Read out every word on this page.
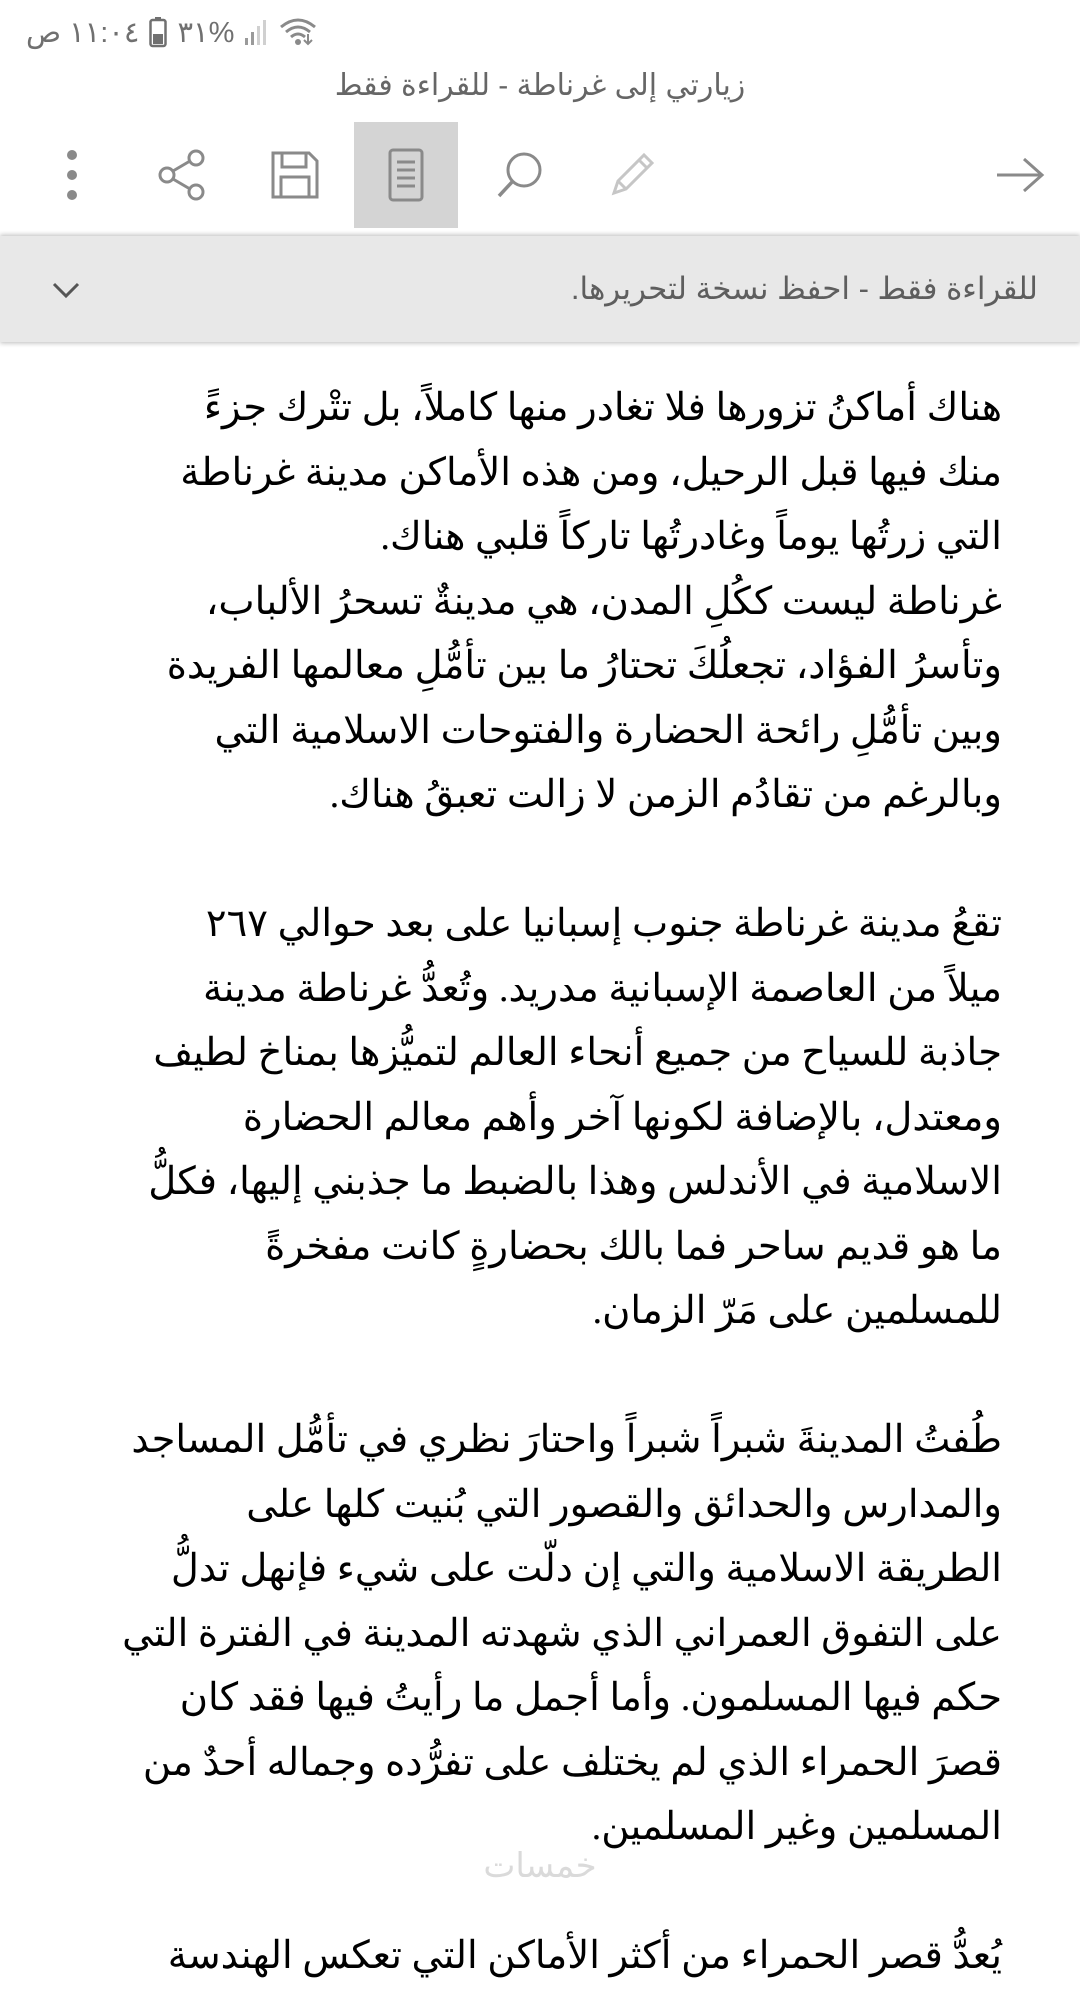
١١:٠٤
ص	٣١%
زيارتي إلى غرناطة - للقراءة فقط
للقراءة فقط - احفظ نسخة لتحريرها.
هناك أماكنُ تزورها فلا تغادر منها كاملاً، بل تتْرك جزءً
منك فيها قبل الرحيل، ومن هذه الأماكن مدينة غرناطة
التي زرتُها يوماً وغادرتُها تاركاً قلبي هناك.
غرناطة ليست ككُلِ المدن، هي مدينةٌ تسحرُ الألباب،
وتأسرُ الفؤاد، تجعلُكَ تحتارُ ما بين تأمُّلِ معالمها الفريدة
وبين تأمُّلِ رائحة الحضارة والفتوحات الاسلامية التي
وبالرغم من تقادُم الزمن لا زالت تعبقُ هناك.
تقعُ مدينة غرناطة جنوب إسبانيا على بعد حوالي ٢٦٧
ميلاً من العاصمة الإسبانية مدريد. وتُعدُّ غرناطة مدينة
جاذبة للسياح من جميع أنحاء العالم لتميُّزها بمناخ لطيف
ومعتدل، بالإضافة لكونها آخر وأهم معالم الحضارة
الاسلامية في الأندلس وهذا بالضبط ما جذبني إليها، فكلُّ
ما هو قديم ساحر فما بالك بحضارةٍ كانت مفخرةً
للمسلمين على مَرّ الزمان.
طُفتُ المدينةَ شبراً شبراً واحتارَ نظري في تأمُّل المساجد
والمدارس والحدائق والقصور التي بُنيت كلها على
الطريقة الاسلامية والتي إن دلّت على شيء فإنهل تدلُّ
على التفوق العمراني الذي شهدته المدينة في الفترة التي
حكم فيها المسلمون. وأما أجمل ما رأيتُ فيها فقد كان
قصرَ الحمراء الذي لم يختلف على تفرُّده وجماله أحدٌ من
المسلمين وغير المسلمين.
يُعدُّ قصر الحمراء من أكثر الأماكن التي تعكس الهندسة
خمسات
